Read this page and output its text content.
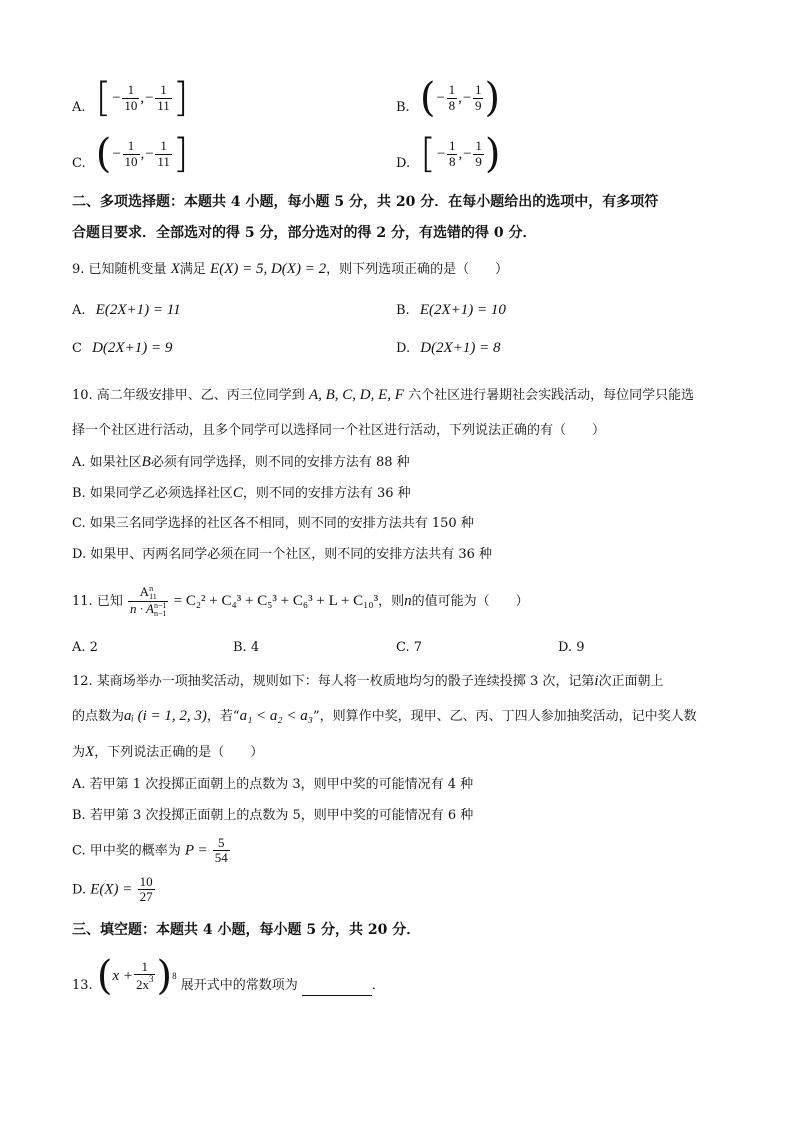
A. [ − $\frac{1}{10}$ ,− $\frac{1}{11}$ ]	B. ( − $\frac{1}{8}$ ,− $\frac{1}{9}$ )
C. ( − $\frac{1}{10}$ ,− $\frac{1}{11}$ ]	D. [ − $\frac{1}{8}$ ,− $\frac{1}{9}$ )
二、多项选择题：本题共 4 小题，每小题 5 分，共 20 分．在每小题给出的选项中，有多项符
合题目要求．全部选对的得 5 分，部分选对的得 2 分，有选错的得 0 分．
9. 已知随机变量 X满足 E(X) = 5, D(X) = 2，则下列选项正确的是（　　）
A. E(2X+1) = 11	B. E(2X+1) = 10
C D(2X+1) = 9	D. D(2X+1) = 8
10. 高二年级安排甲、乙、丙三位同学到 A, B, C, D, E, F 六个社区进行暑期社会实践活动，每位同学只能选
择一个社区进行活动，且多个同学可以选择同一个社区进行活动，下列说法正确的有（　　）
A. 如果社区B必须有同学选择，则不同的安排方法有 88 种
B. 如果同学乙必须选择社区C，则不同的安排方法有 36 种
C. 如果三名同学选择的社区各不相同，则不同的安排方法共有 150 种
D. 如果甲、丙两名同学必须在同一个社区，则不同的安排方法共有 36 种
11. 已知 A n
11
n · A n−1
n−1 = C₂² + C₄³ + C₅³ + C₆³ + L + C₁₀³，则n的值可能为（　　）
A. 2	B. 4	C. 7	D. 9
12. 某商场举办一项抽奖活动，规则如下：每人将一枚质地均匀的骰子连续投掷 3 次，记第i次正面朝上
的点数为aᵢ (i = 1, 2, 3)，若“a₁ < a₂ < a₃”，则算作中奖，现甲、乙、丙、丁四人参加抽奖活动，记中奖人数
为X，下列说法正确的是（　　）
A. 若甲第 1 次投掷正面朝上的点数为 3，则甲中奖的可能情况有 4 种
B. 若甲第 3 次投掷正面朝上的点数为 5，则甲中奖的可能情况有 6 种
C. 甲中奖的概率为 $P = \frac{5}{54}$
D. $E(X) = \frac{10}{27}$
三、填空题：本题共 4 小题，每小题 5 分，共 20 分．
13. ( $x + \frac{1}{2x^3}$ ) 8
展开式中的常数项为	．
